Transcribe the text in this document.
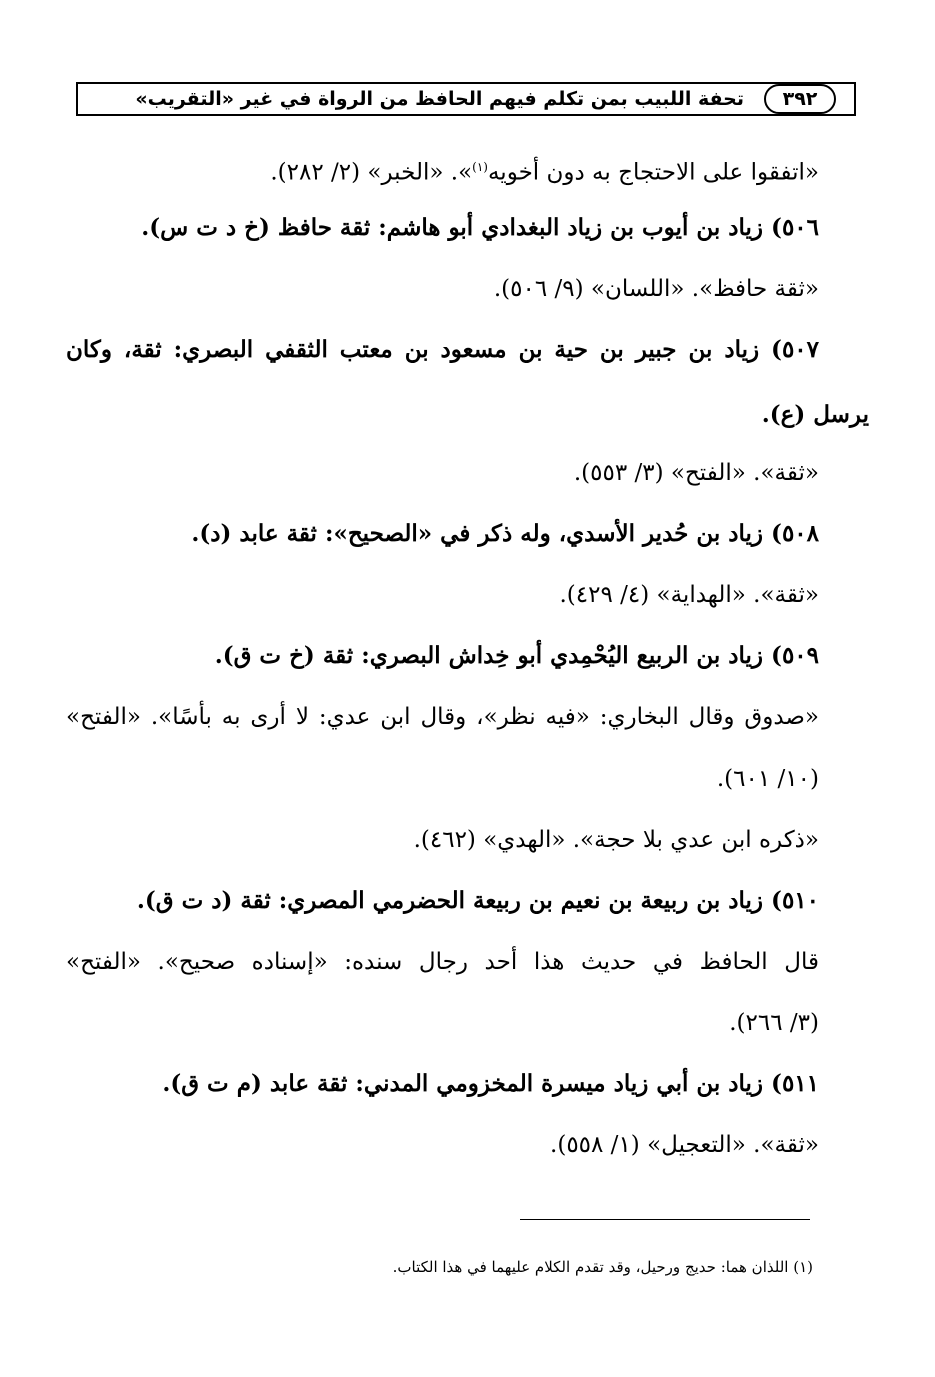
٣٩٢
تحفة اللبيب بمن تكلم فيهم الحافظ من الرواة في غير «التقريب»
«اتفقوا على الاحتجاج به دون أخويه$^{(١)}$». «الخبر» (٢/ ٢٨٢).
٥٠٦) زياد بن أيوب بن زياد البغدادي أبو هاشم: ثقة حافظ (خ د ت س).
«ثقة حافظ». «اللسان» (٩/ ٥٠٦).
٥٠٧) زياد بن جبير بن حية بن مسعود بن معتب الثقفي البصري: ثقة، وكان
يرسل (ع).
«ثقة». «الفتح» (٣/ ٥٥٣).
٥٠٨) زياد بن حُدير الأسدي، وله ذكر في «الصحيح»: ثقة عابد (د).
«ثقة». «الهداية» (٤/ ٤٢٩).
٥٠٩) زياد بن الربيع اليُحْمِدي أبو خِداش البصري: ثقة (خ ت ق).
«صدوق وقال البخاري: «فيه نظر»، وقال ابن عدي: لا أرى به بأسًا». «الفتح»
(١٠/ ٦٠١).
«ذكره ابن عدي بلا حجة». «الهدي» (٤٦٢).
٥١٠) زياد بن ربيعة بن نعيم بن ربيعة الحضرمي المصري: ثقة (د ت ق).
قال الحافظ في حديث هذا أحد رجال سنده: «إسناده صحيح». «الفتح»
(٣/ ٢٦٦).
٥١١) زياد بن أبي زياد ميسرة المخزومي المدني: ثقة عابد (م ت ق).
«ثقة». «التعجيل» (١/ ٥٥٨).
(١) اللذان هما: حديج ورحيل، وقد تقدم الكلام عليهما في هذا الكتاب.
